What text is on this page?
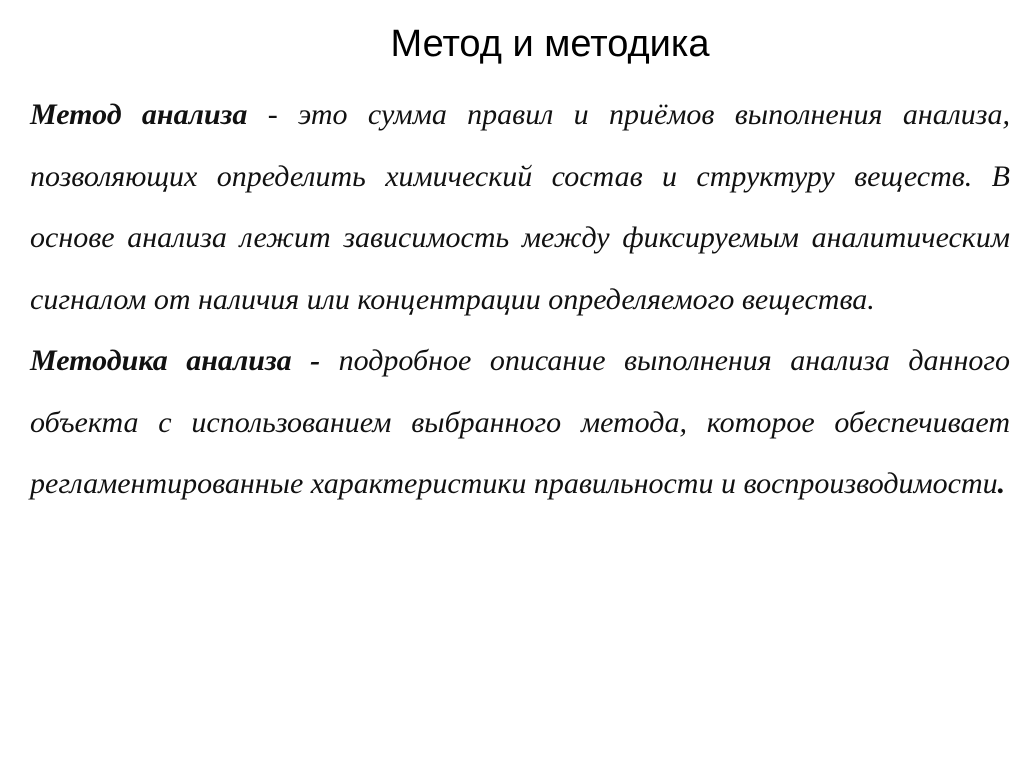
Метод и методика

Метод анализа - это сумма правил и приёмов выполнения анализа, позволяющих определить химический состав и структуру веществ. В основе анализа лежит зависимость между фиксируемым аналитическим сигналом от наличия или концентрации определяемого вещества.

Методика анализа - подробное описание выполнения анализа данного объекта с использованием выбранного метода, которое обеспечивает регламентированные характеристики правильности и воспроизводимости.
